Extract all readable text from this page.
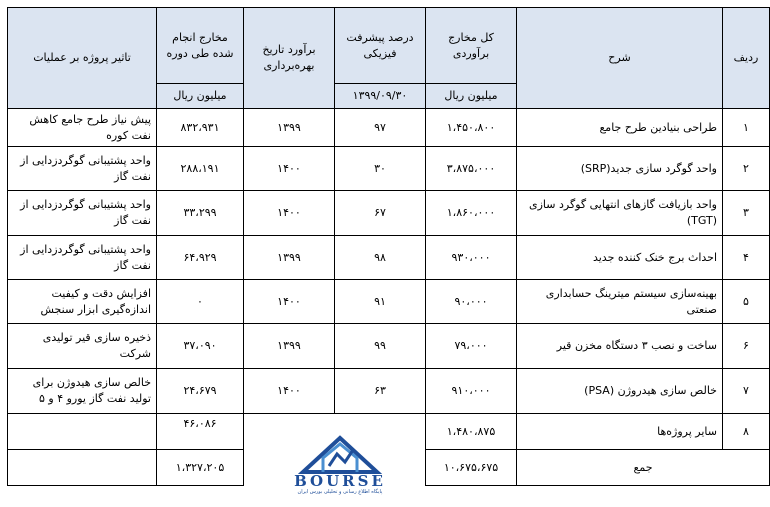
ردیف	شرح	کل مخارج برآوردی	درصد پیشرفت فیزیکی	برآورد تاریخ بهره‌برداری	مخارج انجام شده طی دوره	تاثیر پروژه بر عملیات
		میلیون ریال	۱۳۹۹/۰۹/۳۰		میلیون ریال	
۱	طراحی بنیادین طرح جامع	۱،۴۵۰،۸۰۰	۹۷	۱۳۹۹	۸۳۲،۹۳۱	پیش نیاز طرح جامع کاهش نفت کوره
۲	واحد گوگرد سازی جدید(SRP)	۳،۸۷۵،۰۰۰	۳۰	۱۴۰۰	۲۸۸،۱۹۱	واحد پشتیبانی گوگردزدایی از نفت گاز
۳	واحد بازیافت گازهای انتهایی گوگرد سازی (TGT)	۱،۸۶۰،۰۰۰	۶۷	۱۴۰۰	۳۳،۲۹۹	واحد پشتیبانی گوگردزدایی از نفت گاز
۴	احداث برج خنک کننده جدید	۹۳۰،۰۰۰	۹۸	۱۳۹۹	۶۴،۹۲۹	واحد پشتیبانی گوگردزدایی از نفت گاز
۵	بهینه‌سازی سیستم میترینگ حسابداری صنعتی	۹۰،۰۰۰	۹۱	۱۴۰۰	۰	افزایش دقت و کیفیت اندازه‌گیری ابزار سنجش
۶	ساخت و نصب ۳ دستگاه مخزن قیر	۷۹،۰۰۰	۹۹	۱۳۹۹	۳۷،۰۹۰	ذخیره سازی قیر تولیدی شرکت
۷	خالص سازی هیدروژن (PSA)	۹۱۰،۰۰۰	۶۳	۱۴۰۰	۲۴،۶۷۹	خالص سازی هیدوژن برای تولید نفت گاز یورو ۴ و ۵
۸	سایر پروژه‌ها	۱،۴۸۰،۸۷۵			۴۶،۰۸۶	
جمع		۱۰،۶۷۵،۶۷۵			۱،۳۲۷،۲۰۵	
BOURSE
پایگاه اطلاع رسانی و تحلیلی بورس ایران
